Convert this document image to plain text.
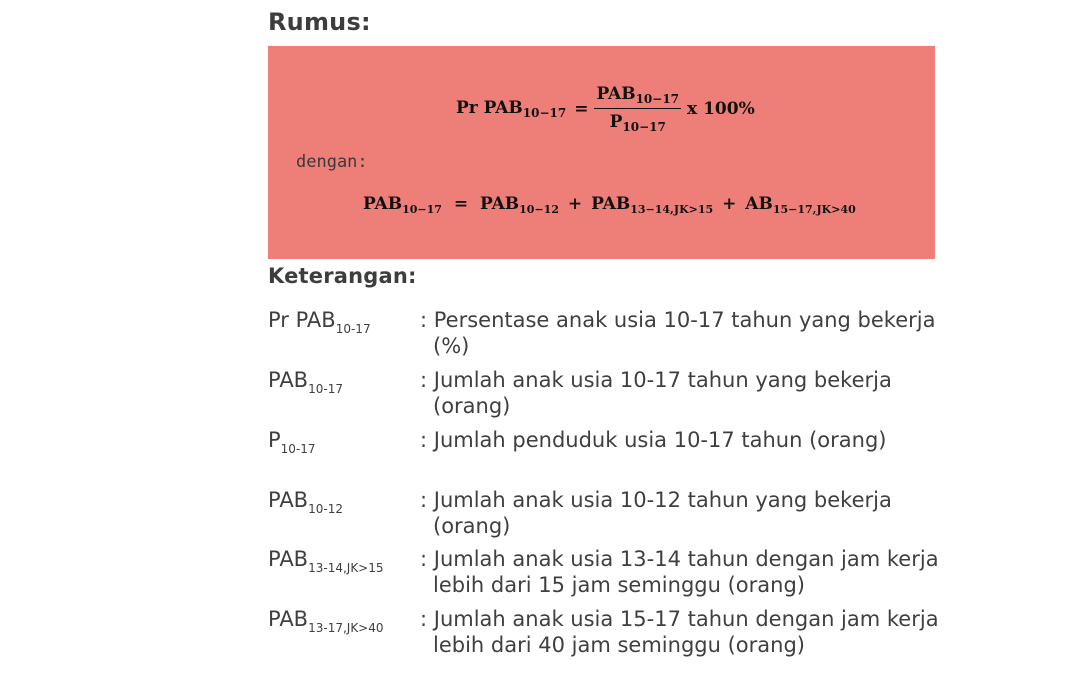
Rumus:
Pr $PAB_{10-17} = \frac{PAB_{10-17}}{P_{10-17}}$ x 100%
dengan:
$PAB_{10-17} = PAB_{10-12} + PAB_{13-14,JK>15} + AB_{15-17,JK>40}$
Keterangan:
Pr $PAB_{10-17}$ : Persentase anak usia 10-17 tahun yang bekerja (%)
$PAB_{10-17}$	: Jumlah anak usia 10-17 tahun yang bekerja (orang)
$P_{10-17}$	: Jumlah penduduk usia 10-17 tahun (orang)
$PAB_{10-12}$	: Jumlah anak usia 10-12 tahun yang bekerja (orang)
$PAB_{13-14,JK>15}$ : Jumlah anak usia 13-14 tahun dengan jam kerja lebih dari 15 jam seminggu (orang)
$PAB_{13-17,JK>40}$ : Jumlah anak usia 15-17 tahun dengan jam kerja lebih dari 40 jam seminggu (orang)
